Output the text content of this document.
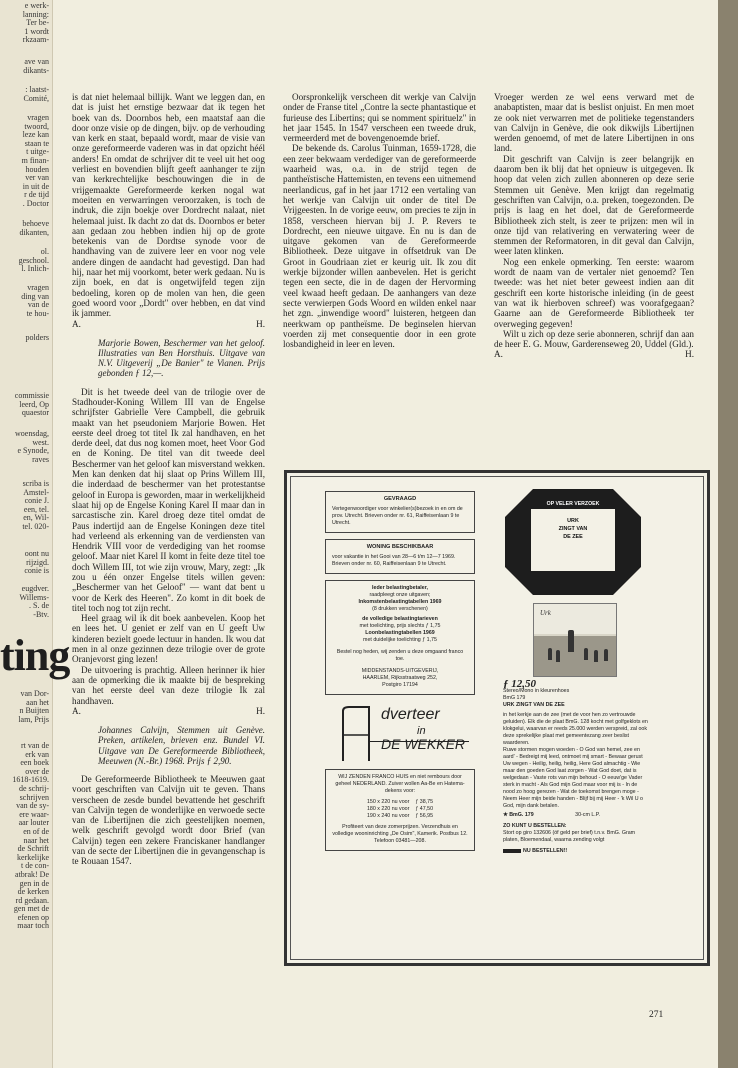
ting
e werk-
lanning:
Ter be-
1 wordt
rkzaam-
ave van
dikants-
: laatst-
Comité,
vragen
twoord,
leze kan
staan te
t uitge-
m finan-
houden
ver van
in uit de
r de tijd
. Doctor
behoeve
dikanten,
ol.
geschool.
l. Inlich-
vragen
ding van
van de
te hou-
polders
commissie
leerd, Op
quaestor
woensdag,
west.
e Synode,
raves
scriba is
Amstel-
conie J.
een, tel.
en, Wil-
tel. 020-
oont nu
rijzigd.
conie is
eugdver.
Willems-
. S. de
-Btv.
van Dor-
aan het
n Buijten
lam, Prijs
rt van de
erk van
een boek
over de
1618-1619.
de schrij-
schrijven
van de sy-
ere waar-
aar louter
en of de
naar het
de Schrift
kerkelijke
t de con-
atbrak! De
gen in de
de kerken
rd gedaan.
gen met de
efenen op
maar toch

is dat niet helemaal billijk. Want we leggen dan, en dat is juist het ernstige bezwaar dat ik tegen het boek van ds. Doornbos heb, een maatstaf aan die door onze visie op de dingen, bijv. op de verhouding van kerk en staat, bepaald wordt, maar de visie van onze gereformeerde vaderen was in dat opzicht héél anders! En omdat de schrijver dit te veel uit het oog verliest en bovendien blijft geeft aanhanger te zijn van kerkrechtelijke beschouwingen die in de vrijgemaakte Gereformeerde kerken nogal wat moeiten en verwarringen veroorzaken, is toch de indruk, die zijn boekje over Dordrecht nalaat, niet helemaal juist. Ik dacht zo dat ds. Doornbos er beter aan gedaan zou hebben indien hij op de grote betekenis van de Dordtse synode voor de handhaving van de zuivere leer en voor nog vele andere dingen de aandacht had gevestigd. Dan had hij, naar het mij voorkomt, beter werk gedaan. Nu is zijn boek, en dat is ongetwijfeld tegen zijn bedoeling, koren op de molen van hen, die geen goed woord voor „Dordt" over hebben, en dat vind ik jammer.

A.	H.

Marjorie Bowen, Beschermer van het geloof. Illustraties van Ben Horsthuis. Uitgave van N.V. Uitgeverij „De Banier" te Vianen. Prijs gebonden ƒ 12,—.

Dit is het tweede deel van de trilogie over de Stadhouder-Koning Willem III van de Engelse schrijfster Gabrielle Vere Campbell, die gebruik maakt van het pseudoniem Marjorie Bowen. Het eerste deel droeg tot titel Ik zal handhaven, en het derde deel, dat dus nog komen moet, heet Voor God en de Koning. De titel van dit tweede deel Beschermer van het geloof kan misverstand wekken. Men kan denken dat hij slaat op Prins Willem III, die inderdaad de beschermer van het protestantse geloof in Europa is geworden, maar in werkelijkheid slaat hij op de Engelse Koning Karel II maar dan in sarcastische zin. Karel droeg deze titel omdat de Paus indertijd aan de Engelse Koningen deze titel had verleend als erkenning van de verdiensten van Hendrik VIII voor de verdediging van het roomse geloof. Maar niet Karel II komt in feite deze titel toe doch Willem III, tot wie zijn vrouw, Mary, zegt: „Ik zou u één onzer Engelse titels willen geven: „Beschermer van het Geloof" — want dat bent u voor de Kerk des Heeren". Zo komt in dit boek de titel toch nog tot zijn recht.

Heel graag wil ik dit boek aanbevelen. Koop het en lees het. U geniet er zelf van en U geeft Uw kinderen bezielt goede lectuur in handen. Ik wou dat men in al onze gezinnen deze trilogie over de grote Oranjevorst ging lezen!

De uitvoering is prachtig. Alleen herinner ik hier aan de opmerking die ik maakte bij de bespreking van het eerste deel van deze trilogie Ik zal handhaven.

A.	H.

Johannes Calvijn, Stemmen uit Genève. Preken, artikelen, brieven enz. Bundel VI. Uitgave van De Gereformeerde Bibliotheek, Meeuwen (N.-Br.) 1968. Prijs ƒ 2,90.

De Gereformeerde Bibliotheek te Meeuwen gaat voort geschriften van Calvijn uit te geven. Thans verscheen de zesde bundel bevattende het geschrift van Calvijn tegen de wonderlijke en verwoede secte van de Libertijnen die zich geestelijken noemen, welk geschrift gevolgd wordt door Brief (van Calvijn) tegen een zekere Franciskaner handlanger van de secte der Libertijnen die in gevangenschap is te Rouaan 1547.

Oorspronkelijk verscheen dit werkje van Calvijn onder de Franse titel „Contre la secte phantastique et furieuse des Libertins; qui se nomment spirituelz" in het jaar 1545. In 1547 verscheen een tweede druk, vermeerderd met de bovengenoemde brief.

De bekende ds. Carolus Tuinman, 1659-1728, die een zeer bekwaam verdediger van de gereformeerde waarheid was, o.a. in de strijd tegen de pantheïstische Hattemisten, en tevens een uitnemend neerlandicus, gaf in het jaar 1712 een vertaling van het werkje van Calvijn uit onder de titel De Vrijgeesten. In de vorige eeuw, om precies te zijn in 1858, verscheen hiervan bij J. P. Revers te Dordrecht, een nieuwe uitgave. En nu is dan de uitgave gekomen van de Gereformeerde Bibliotheek. Deze uitgave in offsetdruk van De Groot in Goudriaan ziet er keurig uit. Ik zou dit werkje bijzonder willen aanbevelen. Het is gericht tegen een secte, die in de dagen der Hervorming veel kwaad heeft gedaan. De aanhangers van deze secte verwierpen Gods Woord en wilden enkel naar het zgn. „inwendige woord" luisteren, hetgeen dan neerkwam op pantheïsme. De beginselen hiervan voerden zij met consequentie door in een grote losbandigheid in leer en leven.

Vroeger werden ze wel eens verward met de anabaptisten, maar dat is beslist onjuist. En men moet ze ook niet verwarren met de politieke tegenstanders van Calvijn in Genève, die ook dikwijls Libertijnen werden genoemd, of met de latere Libertijnen in ons land.

Dit geschrift van Calvijn is zeer belangrijk en daarom ben ik blij dat het opnieuw is uitgegeven. Ik hoop dat velen zich zullen abonneren op deze serie Stemmen uit Genève. Men krijgt dan regelmatig geschriften van Calvijn, o.a. preken, toegezonden. De prijs is laag en het doel, dat de Gereformeerde Bibliotheek zich stelt, is zeer te prijzen: men wil in onze tijd van relativering en verwatering weer de stemmen der Reformatoren, in dit geval dan Calvijn, weer laten klinken.

Nog een enkele opmerking. Ten eerste: waarom wordt de naam van de vertaler niet genoemd? Ten tweede: was het niet beter geweest indien aan dit geschrift een korte historische inleiding (in de geest van wat ik hierboven schreef) was voorafgegaan? Gaarne aan de Gereformeerde Bibliotheek ter overweging gegeven!

Wilt u zich op deze serie abonneren, schrijf dan aan de heer E. G. Mouw, Garderenseweg 20, Uddel (Gld.).

A.	H.
GEVRAAGD
Vertegenwoordiger voor winkelier(s)bezoek in en om de prov. Utrecht. Brieven onder nr. 61, Raiffeisenlaan 9 te Utrecht.
WONING BESCHIKBAAR
voor vakantie in het Gooi van 28—6 t/m 12—7 1969. Brieven onder nr. 60, Raiffeisenlaan 9 te Utrecht.
Ieder belastingbetaler,
raadpleegt onze uitgaven;
Inkomstenbelastingtabellen 1969
(8 drukken verschenen)
de volledige belastingtarieven
met toelichting, prijs slechts ƒ 1,75
Loonbelastingtabellen 1969
met duidelijke toelichting ƒ 1,75
Bestel nog heden, wij zenden u deze omgaand franco toe.
MIDDENSTANDS-UITGEVERIJ,
HAARLEM, Rijksstraatweg 252,
Postgiro 17194
dverteer
in
DE WEKKER
WIJ ZENDEN FRANCO HUIS en niet rembours door geheel NEDERLAND. Zuiver wollen Aa-Be en Hatema-dekens voor:
150 x 220 nu voor	ƒ 38,75
180 x 220 nu voor	ƒ 47,50
190 x 240 nu voor	ƒ 56,95
Profiteert van deze zomerprijzen. Verzendhuis en volledige wooninrichting „De Osim", Kamerik. Postbus 12. Telefoon 03481—208.
OP VELER VERZOEK
URK
ZINGT VAN
DE ZEE
Urk
ƒ 12,50

Stereo/Mono in kleurenhoes

BmG 179

URK ZINGT VAN DE ZEE

in het kerkje aan de zee (met de voor hen zo vertrouwde geluiden). Elk die de plaat BmG. 128 kocht met golfgeklots en klokgelui, waarvan er reeds 25.000 werden verspreid, zal ook deze sprekelijke plaat met gemeentezang zeer beslist waarderen.

Ruwe stormen mogen woeden - O God van hemel, zee en aard' - Bedreigt mij leed, ontmoet mij smart - Bewaar gerust Uw wegen - Heilig, heilig, heilig, Here God almachtig - Wie maar den goeden God laat zorgen - Wat God doet, dat is welgedaan - Vaste rots van mijn behoud - O eeuw'ge Vader sterk in macht - Als God mijn God maar voor mij is - In de nood zo hoog gerezen - Wat de toekomst brengen moge - Neem Heer mijn beide handen - Blijf bij mij Heer - 'k Wil U o God, mijn dank betalen.

★ BmG. 179	30-cm L.P.

ZO KUNT U BESTELLEN:

Stort op giro 132606 (óf geld per brief) t.n.v. BmG. Gram platen, Bloemendaal, waarna zending volgt

NU BESTELLEN!!

271
